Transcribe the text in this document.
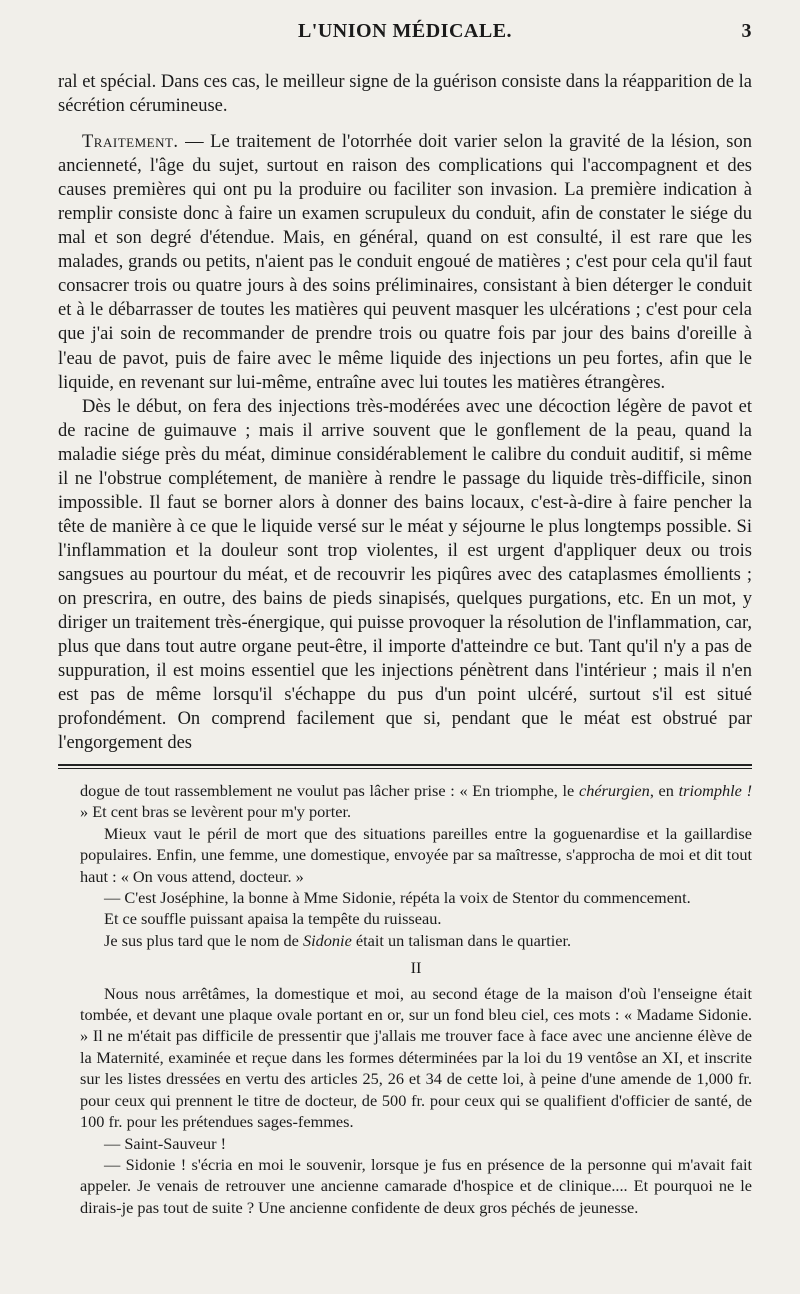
L'UNION MÉDICALE.	3

ral et spécial. Dans ces cas, le meilleur signe de la guérison consiste dans la réapparition de la sécrétion cérumineuse.

Traitement. — Le traitement de l'otorrhée doit varier selon la gravité de la lésion, son ancienneté, l'âge du sujet, surtout en raison des complications qui l'accompagnent et des causes premières qui ont pu la produire ou faciliter son invasion. La première indication à remplir consiste donc à faire un examen scrupuleux du conduit, afin de constater le siége du mal et son degré d'étendue. Mais, en général, quand on est consulté, il est rare que les malades, grands ou petits, n'aient pas le conduit engoué de matières ; c'est pour cela qu'il faut consacrer trois ou quatre jours à des soins préliminaires, consistant à bien déterger le conduit et à le débarrasser de toutes les matières qui peuvent masquer les ulcérations ; c'est pour cela que j'ai soin de recommander de prendre trois ou quatre fois par jour des bains d'oreille à l'eau de pavot, puis de faire avec le même liquide des injections un peu fortes, afin que le liquide, en revenant sur lui-même, entraîne avec lui toutes les matières étrangères.

Dès le début, on fera des injections très-modérées avec une décoction légère de pavot et de racine de guimauve ; mais il arrive souvent que le gonflement de la peau, quand la maladie siége près du méat, diminue considérablement le calibre du conduit auditif, si même il ne l'obstrue complétement, de manière à rendre le passage du liquide très-difficile, sinon impossible. Il faut se borner alors à donner des bains locaux, c'est-à-dire à faire pencher la tête de manière à ce que le liquide versé sur le méat y séjourne le plus longtemps possible. Si l'inflammation et la douleur sont trop violentes, il est urgent d'appliquer deux ou trois sangsues au pourtour du méat, et de recouvrir les piqûres avec des cataplasmes émollients ; on prescrira, en outre, des bains de pieds sinapisés, quelques purgations, etc. En un mot, y diriger un traitement très-énergique, qui puisse provoquer la résolution de l'inflammation, car, plus que dans tout autre organe peut-être, il importe d'atteindre ce but. Tant qu'il n'y a pas de suppuration, il est moins essentiel que les injections pénètrent dans l'intérieur ; mais il n'en est pas de même lorsqu'il s'échappe du pus d'un point ulcéré, surtout s'il est situé profondément. On comprend facilement que si, pendant que le méat est obstrué par l'engorgement des

dogue de tout rassemblement ne voulut pas lâcher prise : « En triomphe, le chérurgien, en triomphle ! » Et cent bras se levèrent pour m'y porter.

Mieux vaut le péril de mort que des situations pareilles entre la goguenardise et la gaillardise populaires. Enfin, une femme, une domestique, envoyée par sa maîtresse, s'approcha de moi et dit tout haut : « On vous attend, docteur. »

— C'est Joséphine, la bonne à Mme Sidonie, répéta la voix de Stentor du commencement.

Et ce souffle puissant apaisa la tempête du ruisseau.

Je sus plus tard que le nom de Sidonie était un talisman dans le quartier.

II

Nous nous arrêtâmes, la domestique et moi, au second étage de la maison d'où l'enseigne était tombée, et devant une plaque ovale portant en or, sur un fond bleu ciel, ces mots : « Madame Sidonie. » Il ne m'était pas difficile de pressentir que j'allais me trouver face à face avec une ancienne élève de la Maternité, examinée et reçue dans les formes déterminées par la loi du 19 ventôse an XI, et inscrite sur les listes dressées en vertu des articles 25, 26 et 34 de cette loi, à peine d'une amende de 1,000 fr. pour ceux qui prennent le titre de docteur, de 500 fr. pour ceux qui se qualifient d'officier de santé, de 100 fr. pour les prétendues sages-femmes.

— Saint-Sauveur !

— Sidonie ! s'écria en moi le souvenir, lorsque je fus en présence de la personne qui m'avait fait appeler. Je venais de retrouver une ancienne camarade d'hospice et de clinique.... Et pourquoi ne le dirais-je pas tout de suite ? Une ancienne confidente de deux gros péchés de jeunesse.
